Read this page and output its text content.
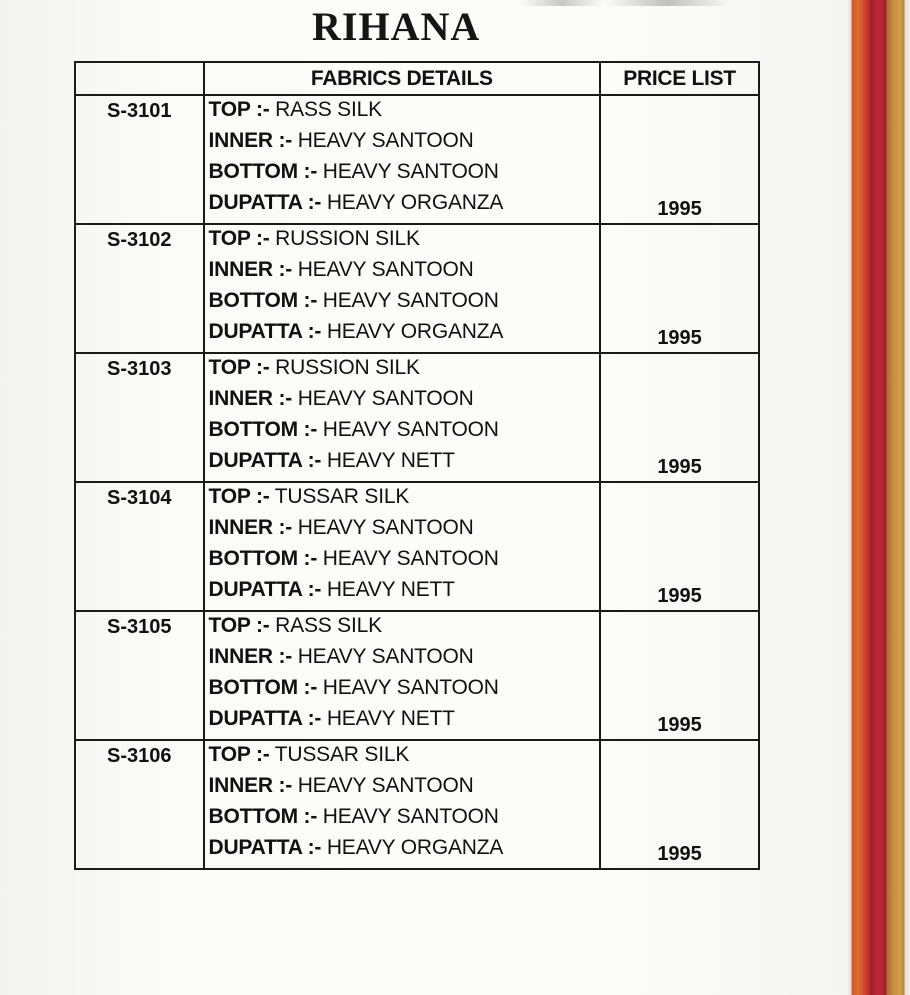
RIHANA
	FABRICS DETAILS	PRICE LIST
S-3101	TOP :- RASS SILK
INNER :- HEAVY SANTOON
BOTTOM :- HEAVY SANTOON
DUPATTA :- HEAVY ORGANZA	1995
S-3102	TOP :- RUSSION SILK
INNER :- HEAVY SANTOON
BOTTOM :- HEAVY SANTOON
DUPATTA :- HEAVY ORGANZA	1995
S-3103	TOP :- RUSSION SILK
INNER :- HEAVY SANTOON
BOTTOM :- HEAVY SANTOON
DUPATTA :- HEAVY NETT	1995
S-3104	TOP :- TUSSAR SILK
INNER :- HEAVY SANTOON
BOTTOM :- HEAVY SANTOON
DUPATTA :- HEAVY NETT	1995
S-3105	TOP :- RASS SILK
INNER :- HEAVY SANTOON
BOTTOM :- HEAVY SANTOON
DUPATTA :- HEAVY NETT	1995
S-3106	TOP :- TUSSAR SILK
INNER :- HEAVY SANTOON
BOTTOM :- HEAVY SANTOON
DUPATTA :- HEAVY ORGANZA	1995
